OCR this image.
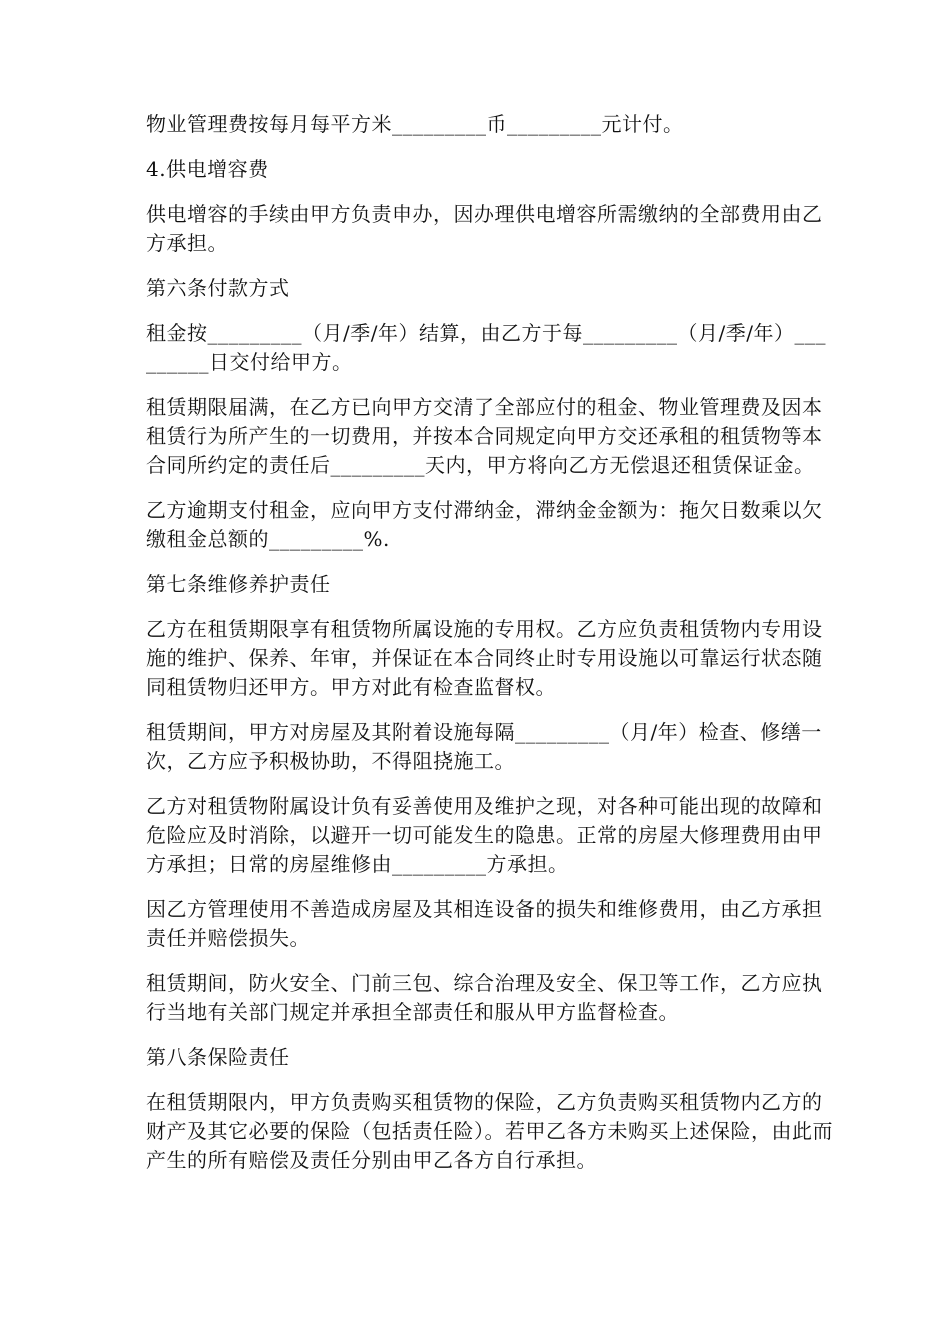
物业管理费按每月每平方米_________币_________元计付。

4.供电增容费

供电增容的手续由甲方负责申办，因办理供电增容所需缴纳的全部费用由乙方承担。

第六条付款方式

租金按_________（月/季/年）结算，由乙方于每_________（月/季/年）_________日交付给甲方。

租赁期限届满，在乙方已向甲方交清了全部应付的租金、物业管理费及因本租赁行为所产生的一切费用，并按本合同规定向甲方交还承租的租赁物等本合同所约定的责任后_________天内，甲方将向乙方无偿退还租赁保证金。

乙方逾期支付租金，应向甲方支付滞纳金，滞纳金金额为：拖欠日数乘以欠缴租金总额的_________%.

第七条维修养护责任

乙方在租赁期限享有租赁物所属设施的专用权。乙方应负责租赁物内专用设施的维护、保养、年审，并保证在本合同终止时专用设施以可靠运行状态随同租赁物归还甲方。甲方对此有检查监督权。

租赁期间，甲方对房屋及其附着设施每隔_________（月/年）检查、修缮一次，乙方应予积极协助，不得阻挠施工。

乙方对租赁物附属设计负有妥善使用及维护之现，对各种可能出现的故障和危险应及时消除，以避开一切可能发生的隐患。正常的房屋大修理费用由甲方承担；日常的房屋维修由_________方承担。

因乙方管理使用不善造成房屋及其相连设备的损失和维修费用，由乙方承担责任并赔偿损失。

租赁期间，防火安全、门前三包、综合治理及安全、保卫等工作，乙方应执行当地有关部门规定并承担全部责任和服从甲方监督检查。

第八条保险责任

在租赁期限内，甲方负责购买租赁物的保险，乙方负责购买租赁物内乙方的财产及其它必要的保险（包括责任险）。若甲乙各方未购买上述保险，由此而产生的所有赔偿及责任分别由甲乙各方自行承担。
